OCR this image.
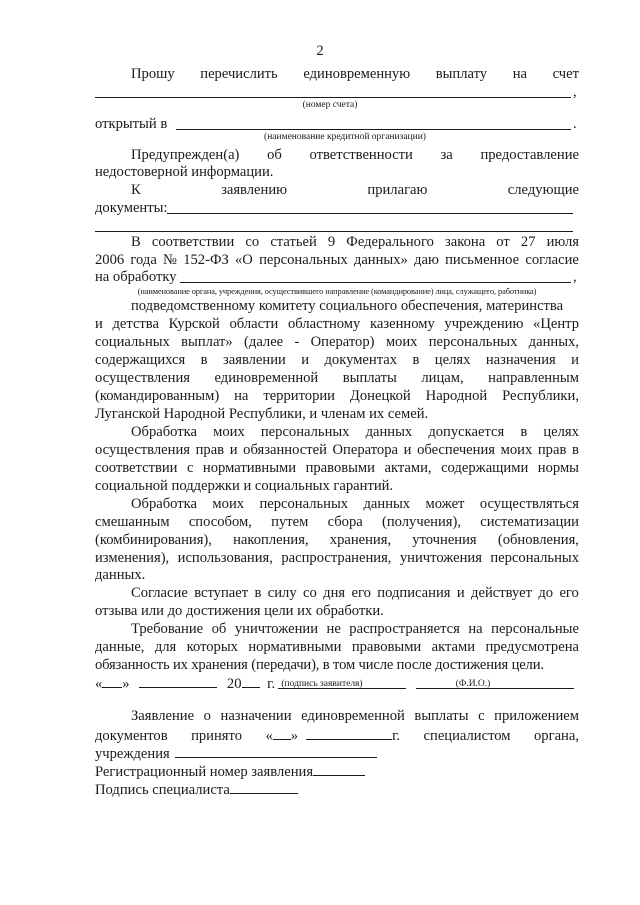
2
Прошу перечислить единовременную выплату на счет
,
(номер счета)
открытый в	.
(наименование кредитной организации)
Предупрежден(а) об ответственности за предоставление
недостоверной информации.
К	заявлению	прилагаю	следующие
документы:
В соответствии со статьей 9 Федерального закона от 27 июля
2006 года № 152-ФЗ «О персональных данных» даю письменное согласие
на обработку	,
(наименование органа, учреждения, осуществившего направление (командирование) лица, служащего, работника)
подведомственному комитету социального обеспечения, материнства
и детства Курской области областному казенному учреждению «Центр
социальных выплат» (далее - Оператор) моих персональных данных,
содержащихся в заявлении и документах в целях назначения и
осуществления единовременной выплаты лицам, направленным
(командированным) на территории Донецкой Народной Республики,
Луганской Народной Республики, и членам их семей.
Обработка моих персональных данных допускается в целях
осуществления прав и обязанностей Оператора и обеспечения моих прав в
соответствии с нормативными правовыми актами, содержащими нормы
социальной поддержки и социальных гарантий.
Обработка моих персональных данных может осуществляться
смешанным способом, путем сбора (получения), систематизации
(комбинирования), накопления, хранения, уточнения (обновления,
изменения), использования, распространения, уничтожения персональных
данных.
Согласие вступает в силу со дня его подписания и действует до его
отзыва или до достижения цели их обработки.
Требование об уничтожении не распространяется на персональные
данные, для которых нормативными правовыми актами предусмотрена
обязанность их хранения (передачи), в том числе после достижения цели.
« »	20 г. (подпись заявителя)	(Ф.И.О.)
Заявление о назначении единовременной выплаты с приложением
документов принято « »	г. специалистом органа,
учреждения
Регистрационный номер заявления
Подпись специалиста
